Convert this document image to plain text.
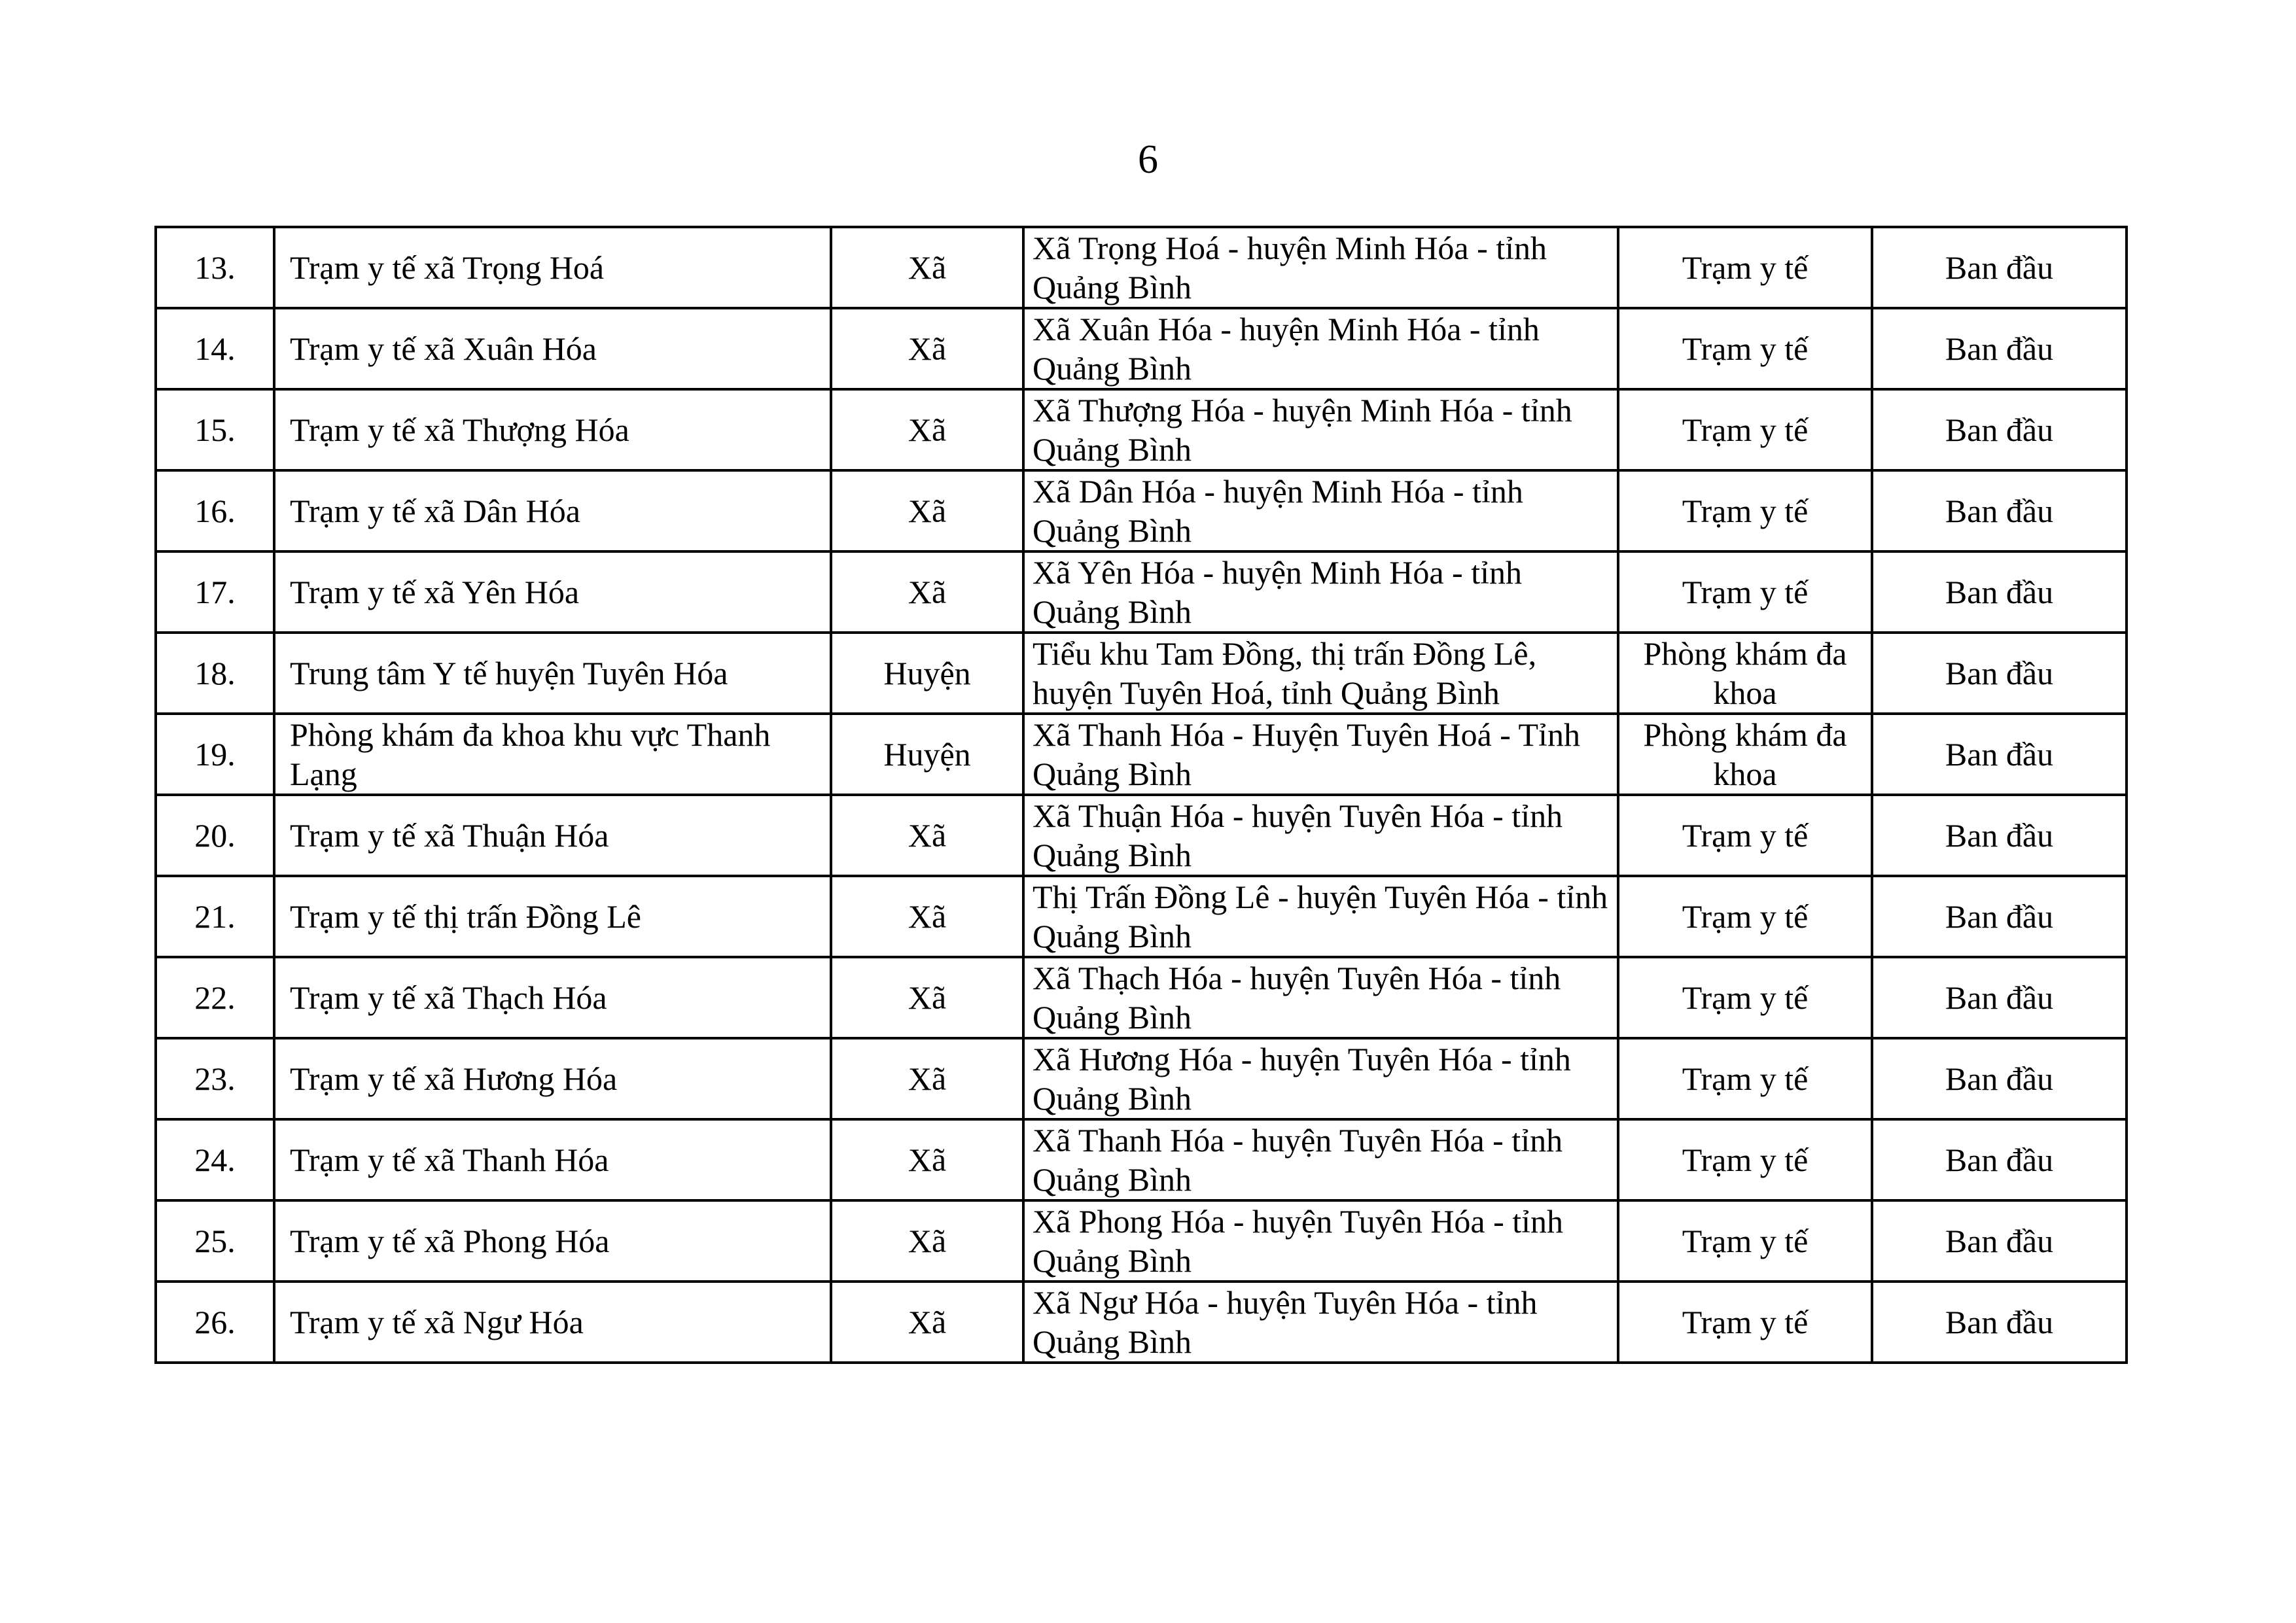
6
13.	Trạm y tế xã Trọng Hoá	Xã	Xã Trọng Hoá - huyện Minh Hóa - tỉnh Quảng Bình	Trạm y tế	Ban đầu
14.	Trạm y tế xã Xuân Hóa	Xã	Xã Xuân Hóa - huyện Minh Hóa - tỉnh Quảng Bình	Trạm y tế	Ban đầu
15.	Trạm y tế xã Thượng Hóa	Xã	Xã Thượng Hóa - huyện Minh Hóa - tỉnh Quảng Bình	Trạm y tế	Ban đầu
16.	Trạm y tế xã Dân Hóa	Xã	Xã Dân Hóa - huyện Minh Hóa - tỉnh Quảng Bình	Trạm y tế	Ban đầu
17.	Trạm y tế xã Yên Hóa	Xã	Xã Yên Hóa - huyện Minh Hóa - tỉnh Quảng Bình	Trạm y tế	Ban đầu
18.	Trung tâm Y tế huyện Tuyên Hóa	Huyện	Tiểu khu Tam Đồng, thị trấn Đồng Lê, huyện Tuyên Hoá, tỉnh Quảng Bình	Phòng khám đa khoa	Ban đầu
19.	Phòng khám đa khoa khu vực Thanh Lạng	Huyện	Xã Thanh Hóa - Huyện Tuyên Hoá - Tỉnh Quảng Bình	Phòng khám đa khoa	Ban đầu
20.	Trạm y tế xã Thuận Hóa	Xã	Xã Thuận Hóa - huyện Tuyên Hóa - tỉnh Quảng Bình	Trạm y tế	Ban đầu
21.	Trạm y tế thị trấn Đồng Lê	Xã	Thị Trấn Đồng Lê - huyện Tuyên Hóa - tỉnh Quảng Bình	Trạm y tế	Ban đầu
22.	Trạm y tế xã Thạch Hóa	Xã	Xã Thạch Hóa - huyện Tuyên Hóa - tỉnh Quảng Bình	Trạm y tế	Ban đầu
23.	Trạm y tế xã Hương Hóa	Xã	Xã Hương Hóa - huyện Tuyên Hóa - tỉnh Quảng Bình	Trạm y tế	Ban đầu
24.	Trạm y tế xã Thanh Hóa	Xã	Xã Thanh Hóa - huyện Tuyên Hóa - tỉnh Quảng Bình	Trạm y tế	Ban đầu
25.	Trạm y tế xã Phong Hóa	Xã	Xã Phong Hóa - huyện Tuyên Hóa - tỉnh Quảng Bình	Trạm y tế	Ban đầu
26.	Trạm y tế xã Ngư Hóa	Xã	Xã Ngư Hóa - huyện Tuyên Hóa - tỉnh Quảng Bình	Trạm y tế	Ban đầu
